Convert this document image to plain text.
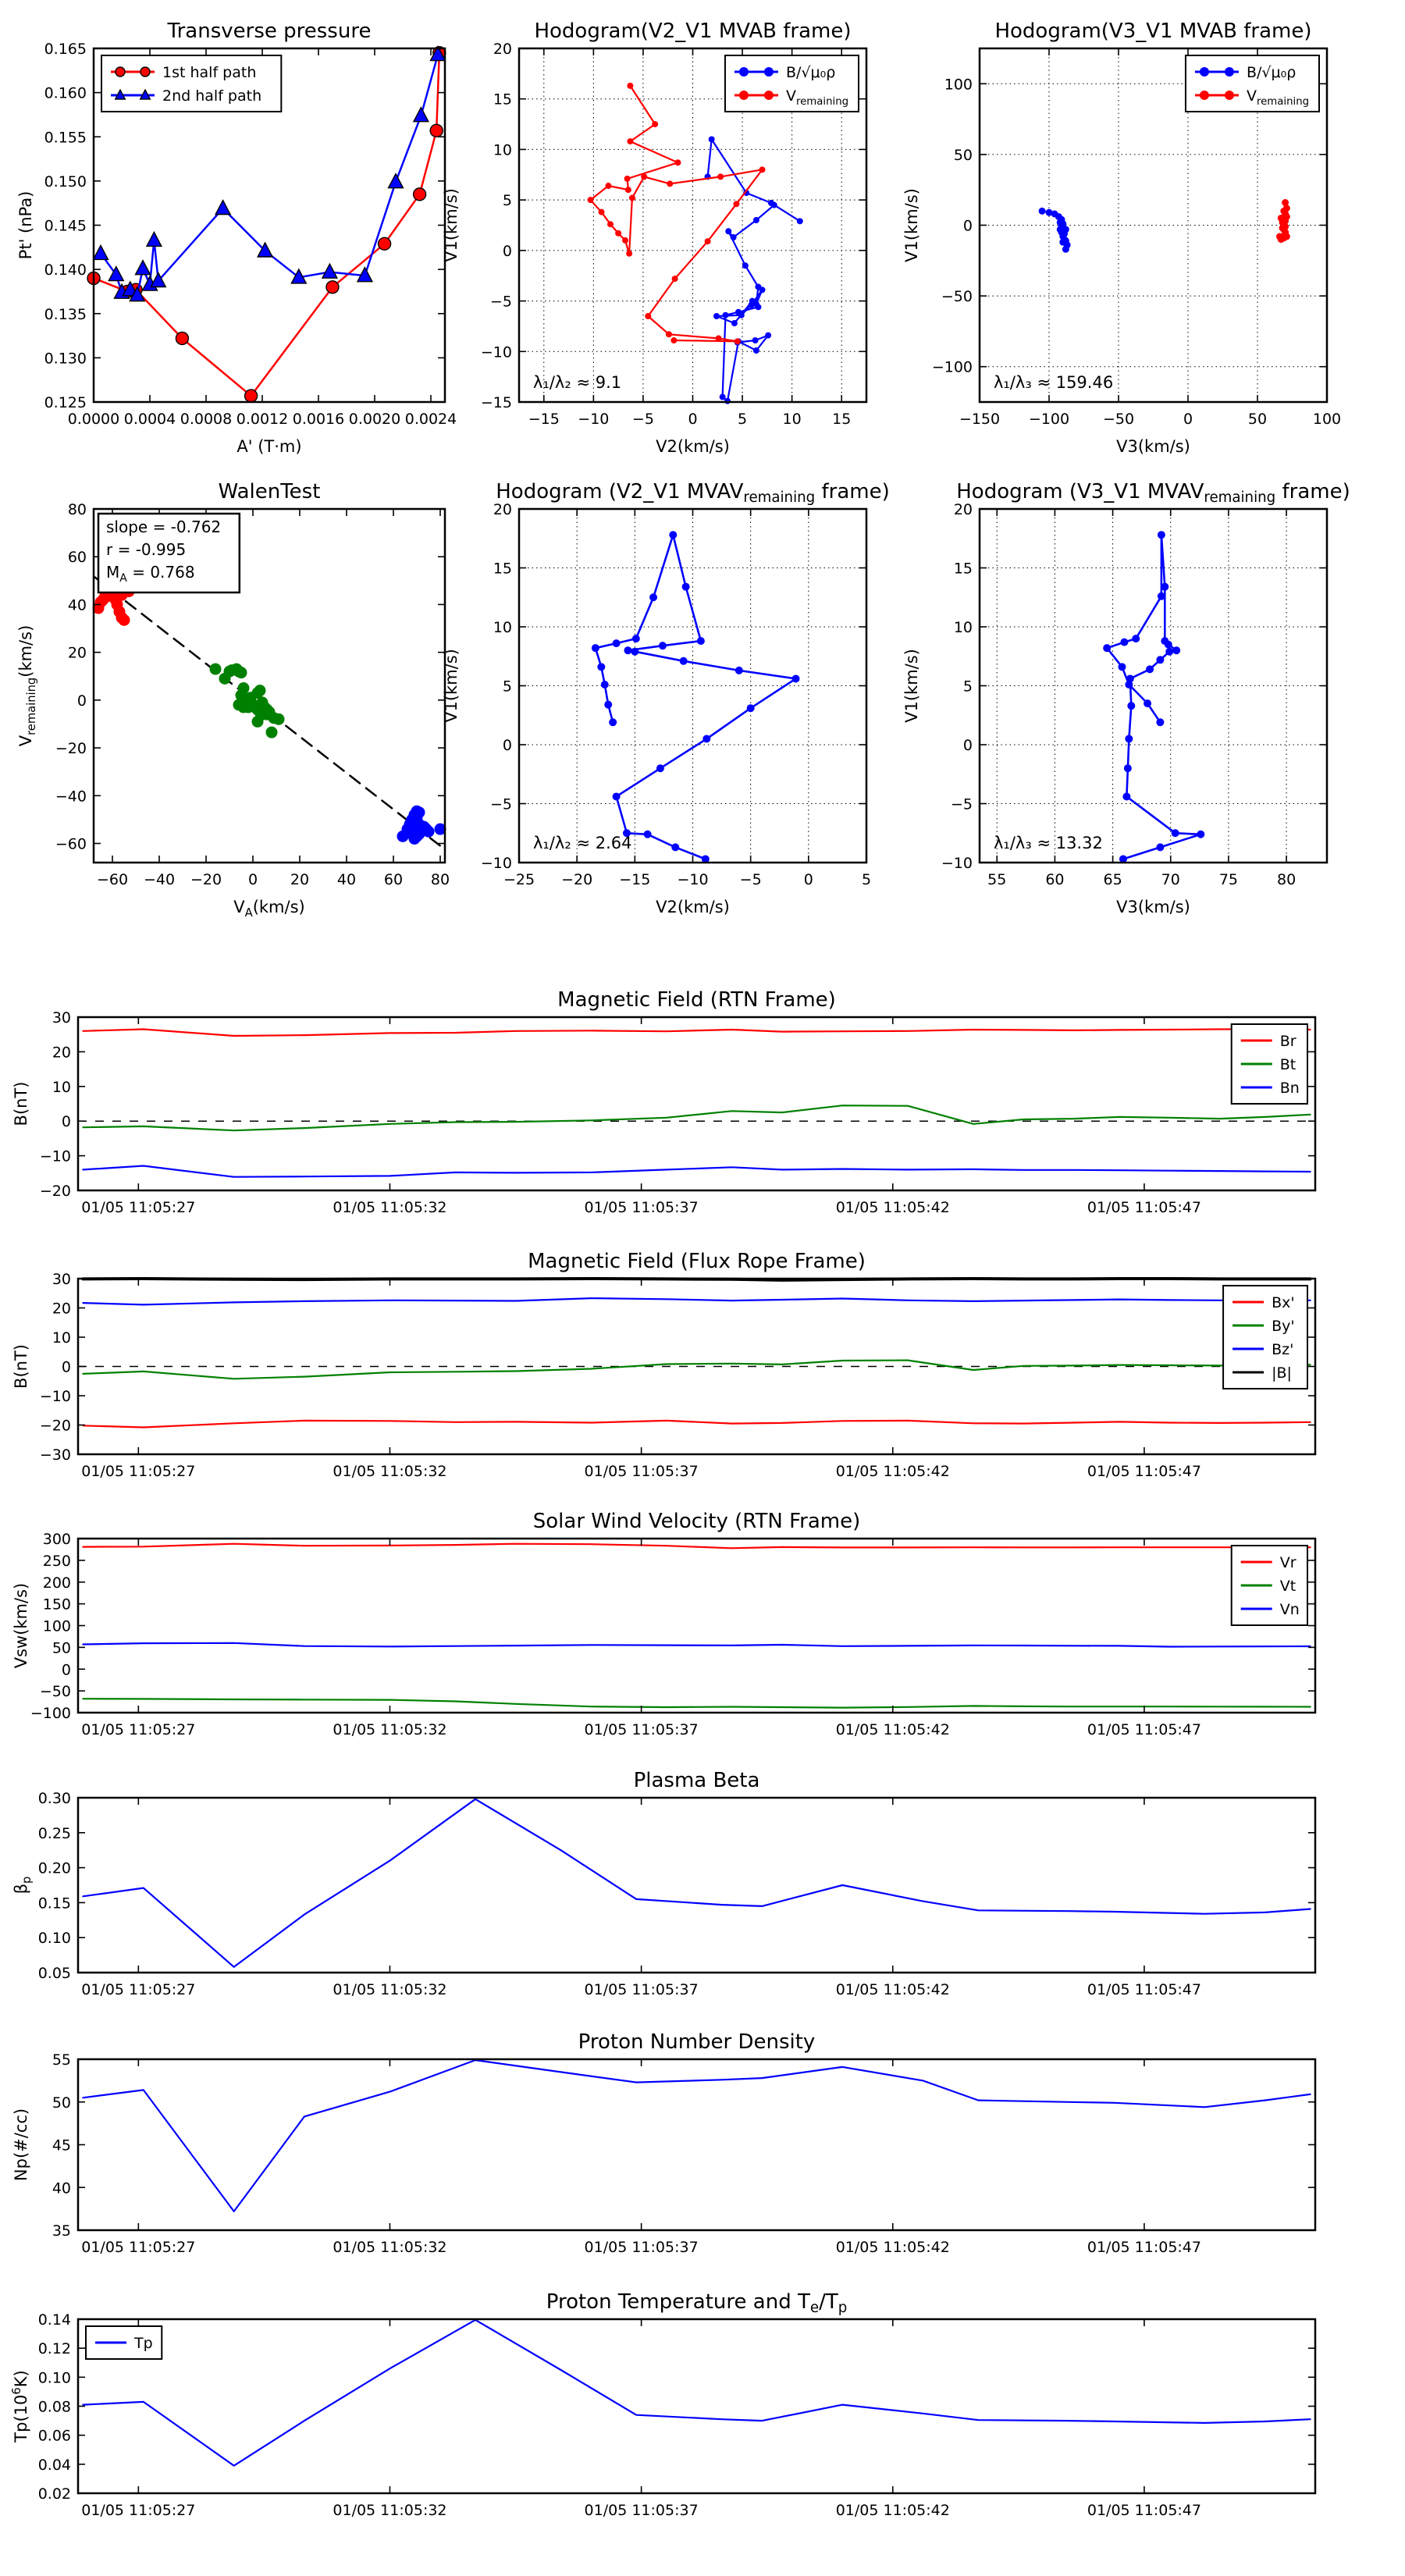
0.0000 0.0004 0.0008 0.0012 0.0016 0.0020 0.0024
0.125
0.130
0.135
0.140
0.145
0.150
0.155
0.160
0.165
Transverse pressure
A' (T·m)
Pt' (nPa)
1st half path
2nd half path
−15 −10 −5 0	5 10 15
−15
−10
−5
0
5
10
15
20
Hodogram(V2_V1 MVAB frame)
V2(km/s)
V1(km/s)
λ₁/λ₂ ≈ 9.1
B/√μ₀ρ
$V_{remaining}$
−150 −100 −50	0	50	100
−100
−50
0
50
100
Hodogram(V3_V1 MVAB frame)
V3(km/s)
V1(km/s)
λ₁/λ₃ ≈ 159.46
B/√μ₀ρ
$V_{remaining}$
−60 −40 −20 0 20 40 60 80
−60
−40
−20
0
20
40
60
80
WalenTest
$V_A(km/s)$
$V_{remaining}(km/s)$
slope = -0.762
r = -0.995
$M_A = 0.768$
−25 −20 −15 −10 −5	0	5
−10
−5
0
5
10
15
20
Hodogram (V2_V1 MVAVremaining frame)
V2(km/s)
V1(km/s)
λ₁/λ₂ ≈ 2.64
55	60	65	70	75	80
−10
−5
0
5
10
15
20
Hodogram (V3_V1 MVAVremaining frame)
V3(km/s)
V1(km/s)
λ₁/λ₃ ≈ 13.32
01/05 11:05:27	01/05 11:05:32	01/05 11:05:37	01/05 11:05:42	01/05 11:05:47
−20
−10
0
10
20
30
Magnetic Field (RTN Frame)
B(nT)
Br
Bt
Bn
01/05 11:05:27	01/05 11:05:32	01/05 11:05:37	01/05 11:05:42	01/05 11:05:47
−30
−20
−10
0
10
20
30
Magnetic Field (Flux Rope Frame)
B(nT)
Bx'
By'
Bz'
|B|
01/05 11:05:27	01/05 11:05:32	01/05 11:05:37	01/05 11:05:42	01/05 11:05:47
−100
−50
0
50
100
150
200
250
300
Solar Wind Velocity (RTN Frame)
Vsw(km/s)
Vr
Vt
Vn
01/05 11:05:27	01/05 11:05:32	01/05 11:05:37	01/05 11:05:42	01/05 11:05:47
0.05
0.10
0.15
0.20
0.25
0.30
Plasma Beta
$\beta_p$
01/05 11:05:27	01/05 11:05:32	01/05 11:05:37	01/05 11:05:42	01/05 11:05:47
35
40
45
50
55
Proton Number Density
Np(#/cc)
01/05 11:05:27	01/05 11:05:32	01/05 11:05:37	01/05 11:05:42	01/05 11:05:47
0.02
0.04
0.06
0.08
0.10
0.12
0.14
Proton Temperature and Te/Tp
$Tp(10^6K)$
Tp
